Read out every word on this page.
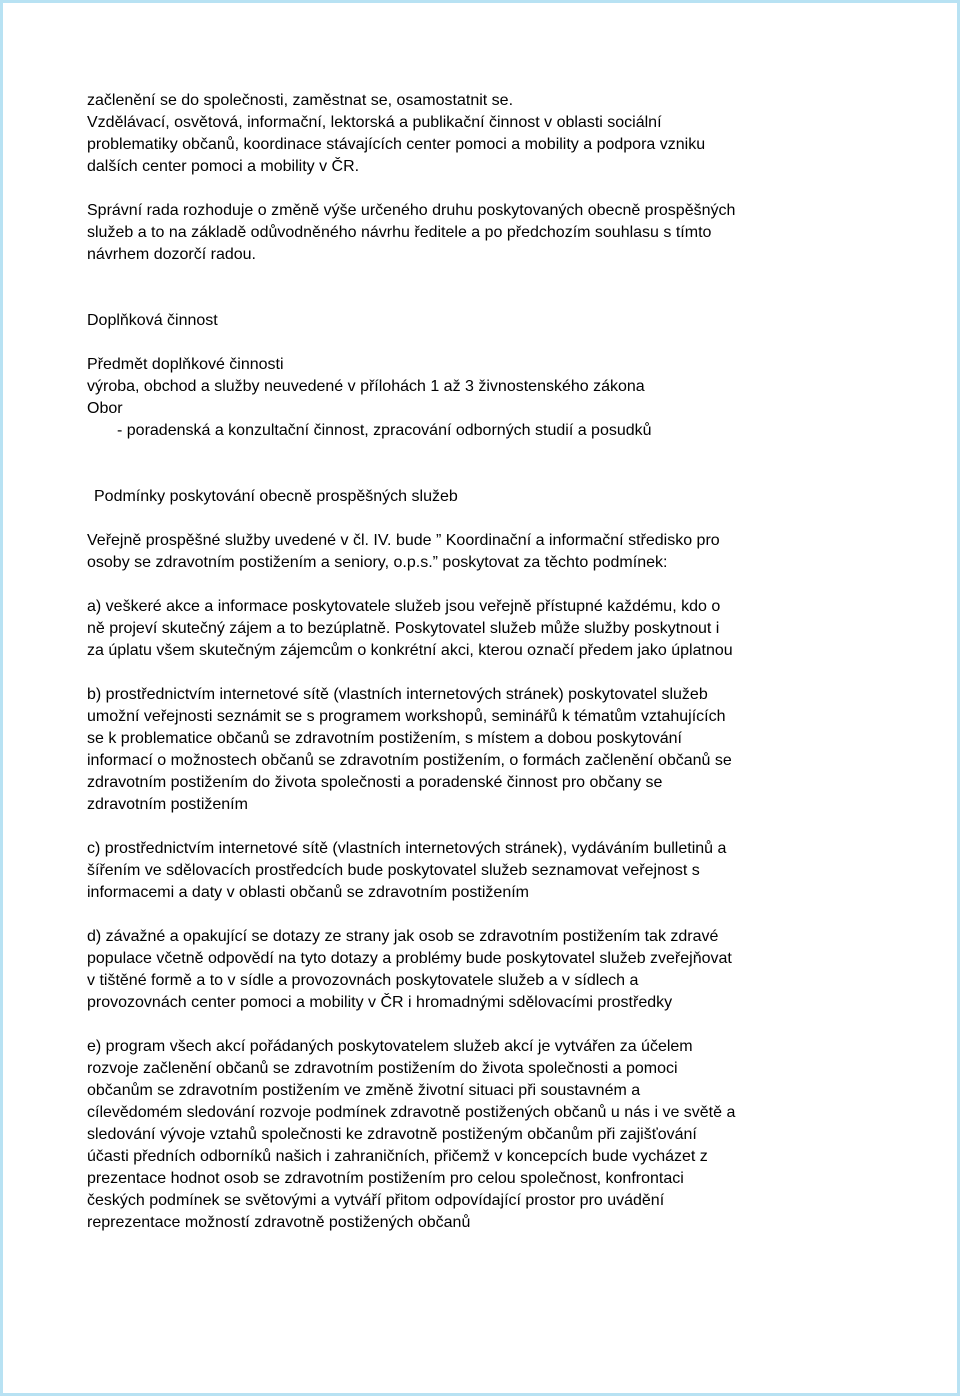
začlenění se do společnosti, zaměstnat se, osamostatnit se.
Vzdělávací, osvětová, informační, lektorská a publikační činnost v oblasti sociální
problematiky občanů, koordinace stávajících center pomoci a mobility a podpora vzniku
dalších center pomoci a mobility v ČR.
Správní rada rozhoduje o změně výše určeného druhu poskytovaných obecně prospěšných
služeb a to na základě odůvodněného návrhu ředitele a po předchozím souhlasu s tímto
návrhem dozorčí radou.
Doplňková činnost
Předmět doplňkové činnosti
výroba, obchod a služby neuvedené v přílohách 1 až 3 živnostenského zákona
Obor
- poradenská a konzultační činnost, zpracování odborných studií a posudků
Podmínky poskytování obecně prospěšných služeb
Veřejně prospěšné služby uvedené v čl. IV. bude ” Koordinační a informační středisko pro
osoby se zdravotním postižením a seniory, o.p.s.” poskytovat za těchto podmínek:
a) veškeré akce a informace poskytovatele služeb jsou veřejně přístupné každému, kdo o
ně projeví skutečný zájem a to bezúplatně. Poskytovatel služeb může služby poskytnout i
za úplatu všem skutečným zájemcům o konkrétní akci, kterou označí předem jako úplatnou
b) prostřednictvím internetové sítě (vlastních internetových stránek) poskytovatel služeb
umožní veřejnosti seznámit se s programem workshopů, seminářů k tématům vztahujících
se k problematice občanů se zdravotním postižením, s místem a dobou poskytování
informací o možnostech občanů se zdravotním postižením, o formách začlenění občanů se
zdravotním postižením do života společnosti a poradenské činnost pro občany se
zdravotním postižením
c) prostřednictvím internetové sítě (vlastních internetových stránek), vydáváním bulletinů a
šířením ve sdělovacích prostředcích bude poskytovatel služeb seznamovat veřejnost s
informacemi a daty v oblasti občanů se zdravotním postižením
d) závažné a opakující se dotazy ze strany jak osob se zdravotním postižením tak zdravé
populace včetně odpovědí na tyto dotazy a problémy bude poskytovatel služeb zveřejňovat
v tištěné formě a to v sídle a provozovnách poskytovatele služeb a v sídlech a
provozovnách center pomoci a mobility v ČR i hromadnými sdělovacími prostředky
e) program všech akcí pořádaných poskytovatelem služeb akcí je vytvářen za účelem
rozvoje začlenění občanů se zdravotním postižením do života společnosti a pomoci
občanům se zdravotním postižením ve změně životní situaci při soustavném a
cílevědomém sledování rozvoje podmínek zdravotně postižených občanů u nás i ve světě a
sledování vývoje vztahů společnosti ke zdravotně postiženým občanům při zajišťování
účasti předních odborníků našich i zahraničních, přičemž v koncepcích bude vycházet z
prezentace hodnot osob se zdravotním postižením pro celou společnost, konfrontaci
českých podmínek se světovými a vytváří přitom odpovídající prostor pro uvádění
reprezentace možností zdravotně postižených občanů
